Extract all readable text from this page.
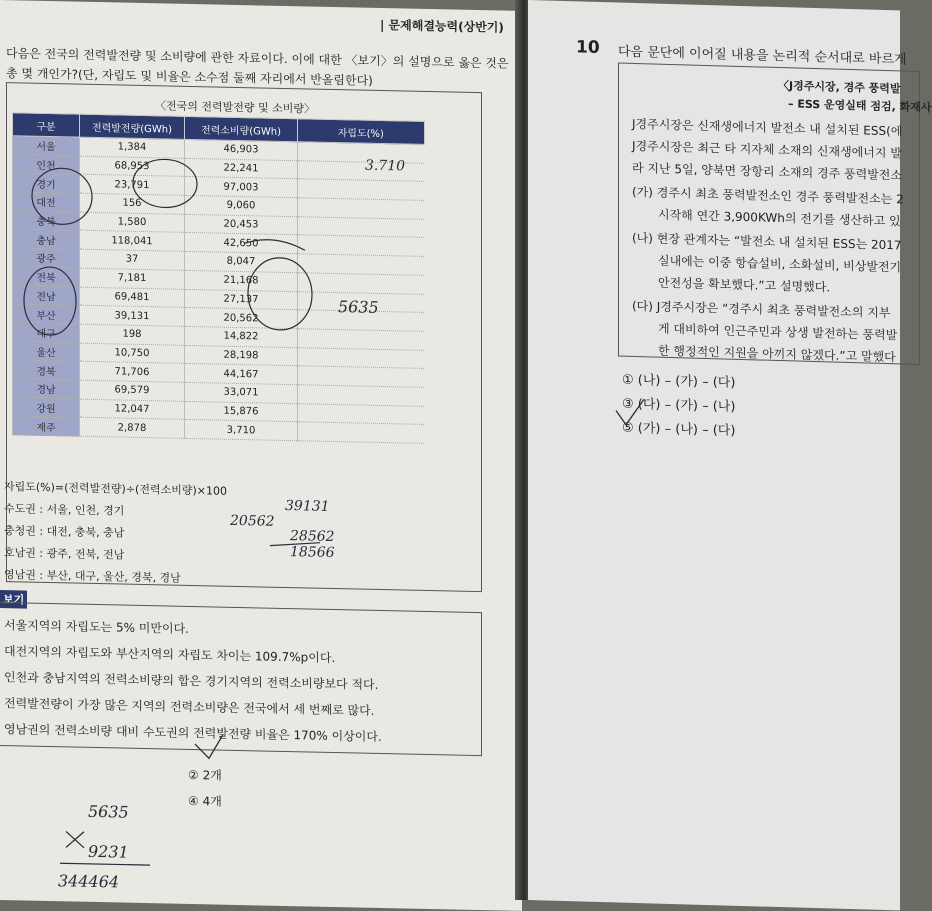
| 문제해결능력(상반기)
다음은 전국의 전력발전량 및 소비량에 관한 자료이다. 이에 대한 〈보기〉의 설명으로 옳은 것은
총 몇 개인가?(단, 자립도 및 비율은 소수점 둘째 자리에서 반올림한다)
〈전국의 전력발전량 및 소비량〉
구분	전력발전량(GWh)	전력소비량(GWh)	자립도(%)
서울	1,384	46,903	
인천	68,953	22,241	
경기	23,791	97,003	
대전	156	9,060	
충북	1,580	20,453	
충남	118,041	42,650	
광주	37	8,047	
전북	7,181	21,168	
전남	69,481	27,137	
부산	39,131	20,562	
대구	198	14,822	
울산	10,750	28,198	
경북	71,706	44,167	
경남	69,579	33,071	
강원	12,047	15,876	
제주	2,878	3,710	
자립도(%)=(전력발전량)÷(전력소비량)×100
수도권 : 서울, 인천, 경기
충청권 : 대전, 충북, 충남
호남권 : 광주, 전북, 전남
영남권 : 부산, 대구, 울산, 경북, 경남
보기
서울지역의 자립도는 5% 미만이다.
대전지역의 자립도와 부산지역의 자립도 차이는 109.7%p이다.
인천과 충남지역의 전력소비량의 합은 경기지역의 전력소비량보다 적다.
전력발전량이 가장 많은 지역의 전력소비량은 전국에서 세 번째로 많다.
영남권의 전력소비량 대비 수도권의 전력발전량 비율은 170% 이상이다.
② 2개
④ 4개
3.710
5635
20562
39131
28562
18566
5635
9231
344464
10 다음 문단에 이어질 내용을 논리적 순서대로 바르게
〈J경주시장, 경주 풍력발
– ESS 운영실태 점검, 화재사
J경주시장은 신재생에너지 발전소 내 설치된 ESS(에
J경주시장은 최근 타 지자체 소재의 신재생에너지 발
라 지난 5일, 양북면 장항리 소재의 경주 풍력발전소
(가) 경주시 최초 풍력발전소인 경주 풍력발전소는 2
시작해 연간 3,900KWh의 전기를 생산하고 있
(나) 현장 관계자는 “발전소 내 설치된 ESS는 2017
실내에는 이중 항습설비, 소화설비, 비상발전기
안전성을 확보했다.”고 설명했다.
(다) J경주시장은 “경주시 최초 풍력발전소의 지부
게 대비하여 인근주민과 상생 발전하는 풍력발
한 행정적인 지원을 아끼지 않겠다.”고 말했다
① (나) – (가) – (다)
③ (다) – (가) – (나)
⑤ (가) – (나) – (다)
